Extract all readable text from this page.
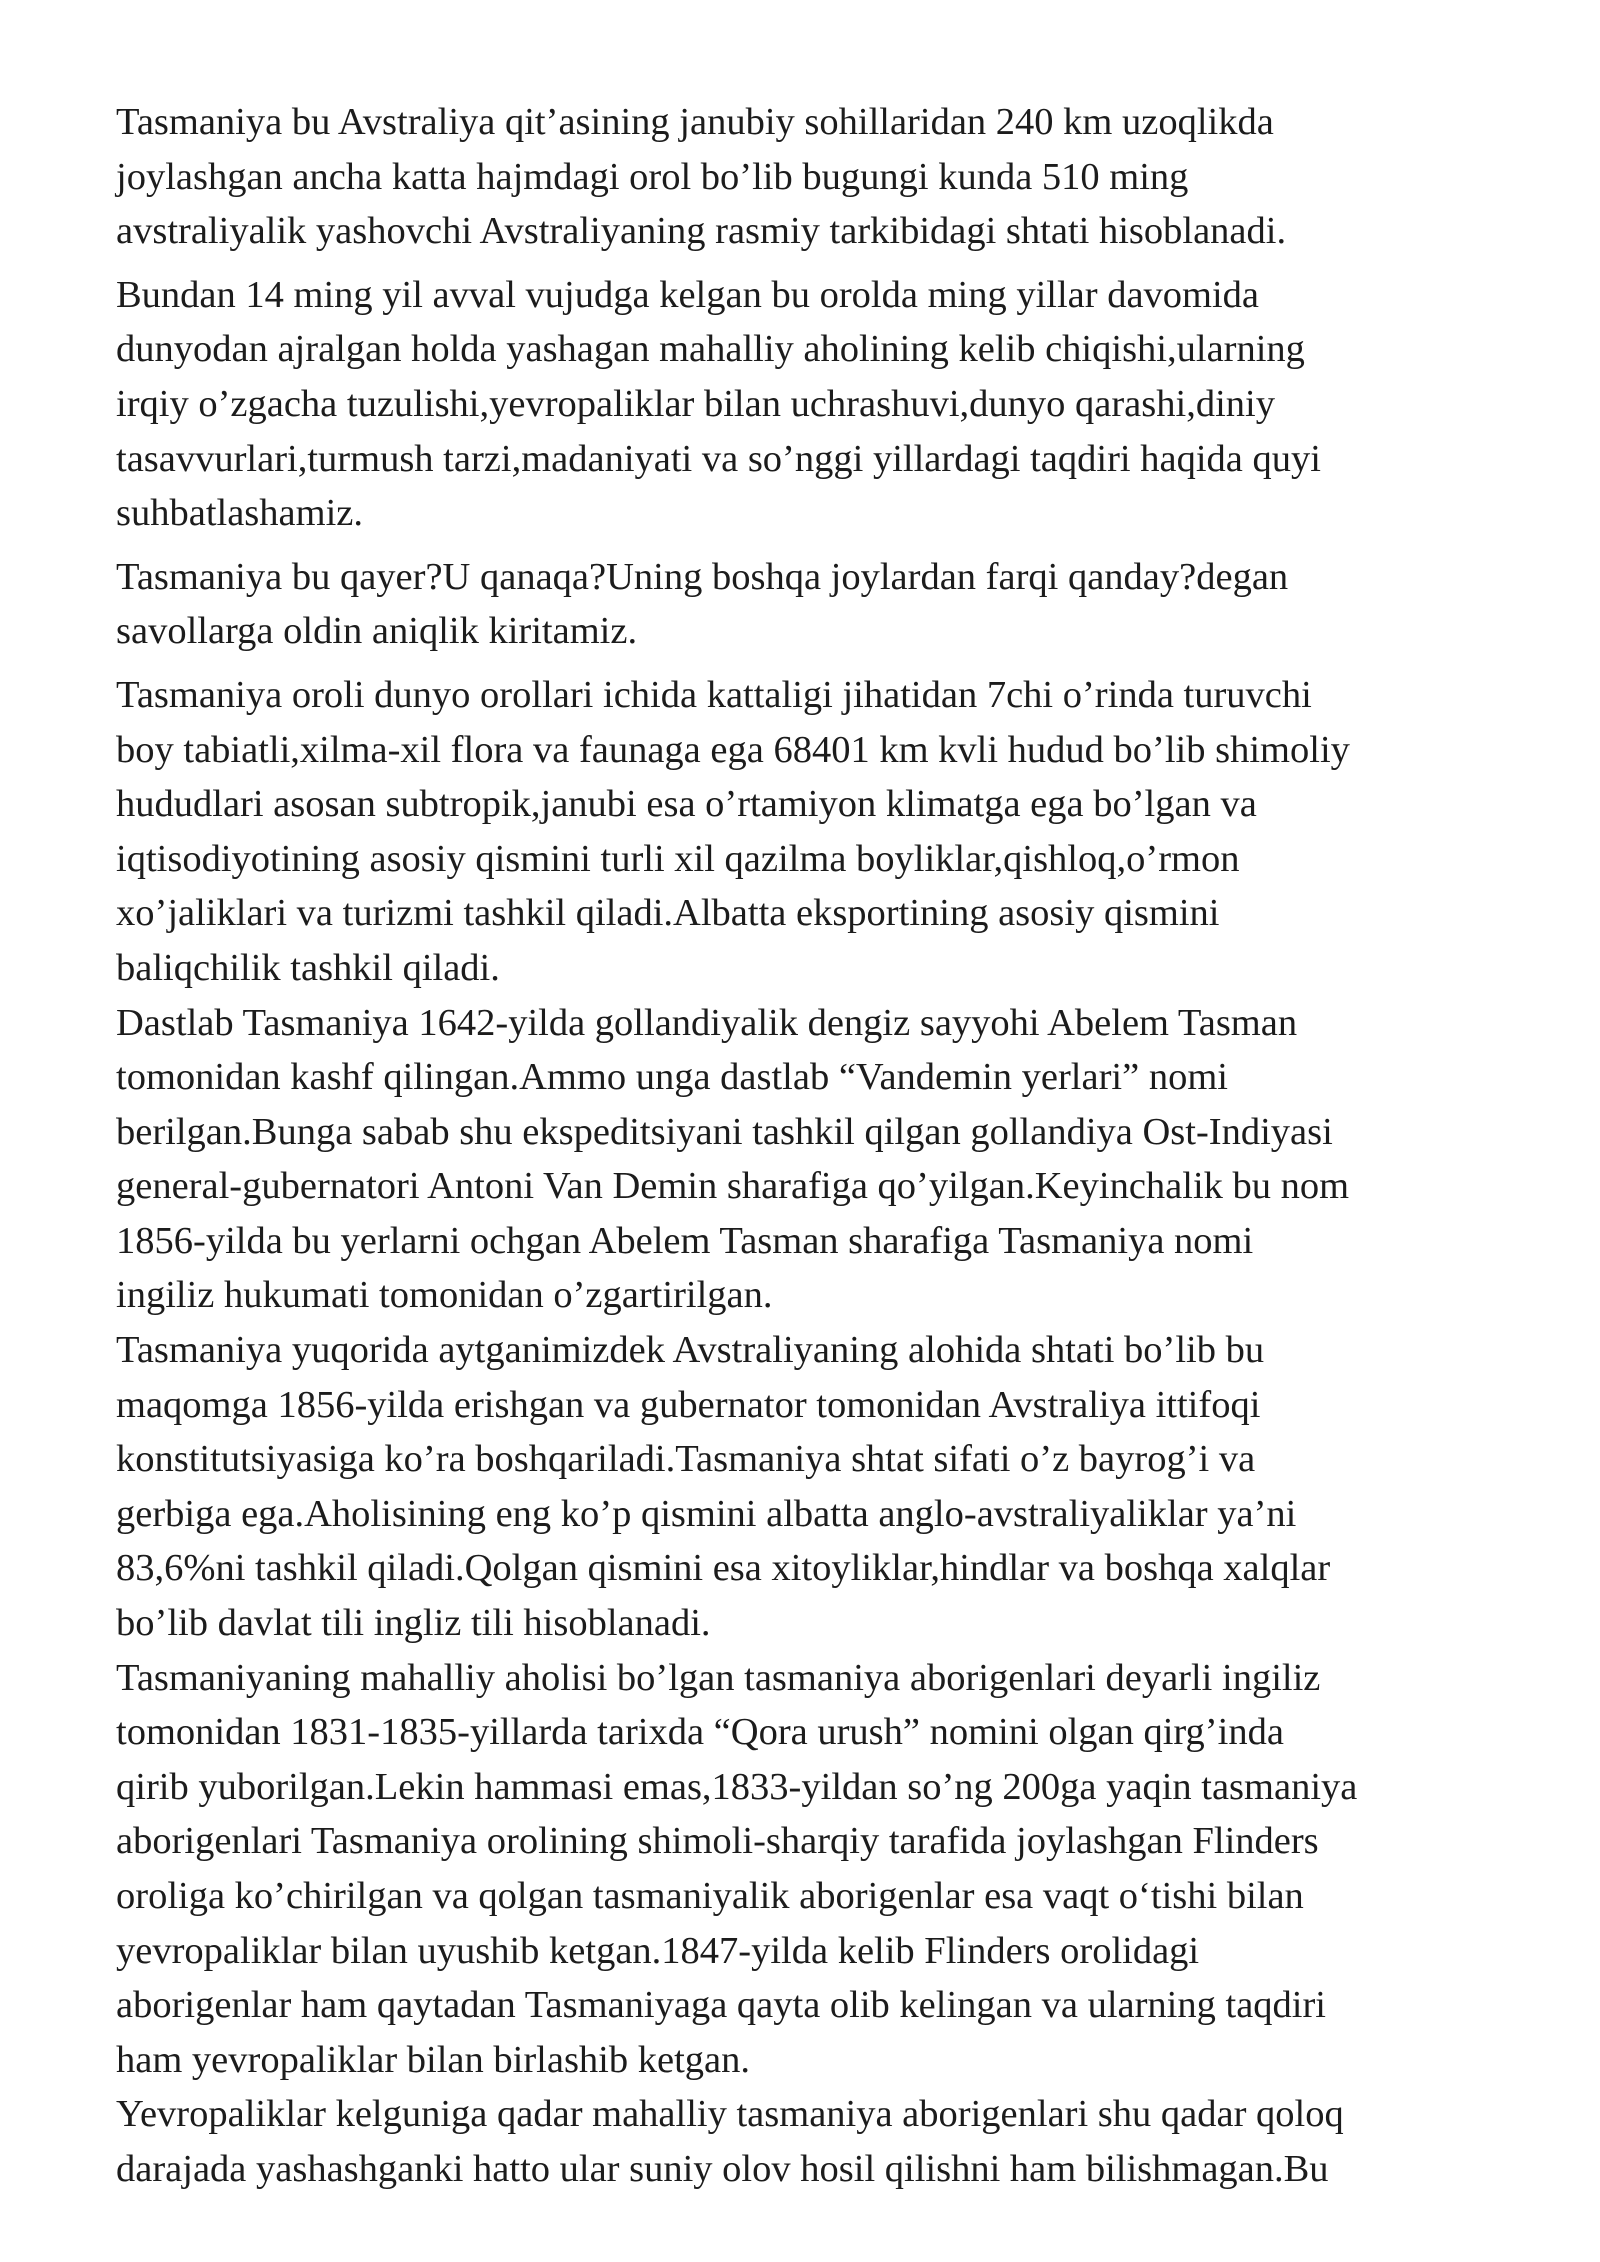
Tasmaniya bu Avstraliya qit’asining janubiy sohillaridan 240 km uzoqlikda
joylashgan ancha katta hajmdagi orol bo’lib bugungi kunda 510 ming
avstraliyalik yashovchi Avstraliyaning rasmiy tarkibidagi shtati hisoblanadi.

Bundan 14 ming yil avval vujudga kelgan bu orolda ming yillar davomida
dunyodan ajralgan holda yashagan mahalliy aholining kelib chiqishi,ularning
irqiy o’zgacha tuzulishi,yevropaliklar bilan uchrashuvi,dunyo qarashi,diniy
tasavvurlari,turmush tarzi,madaniyati va so’nggi yillardagi taqdiri haqida quyi
suhbatlashamiz.

Tasmaniya bu qayer?U qanaqa?Uning boshqa joylardan farqi qanday?degan
savollarga oldin aniqlik kiritamiz.

Tasmaniya oroli dunyo orollari ichida kattaligi jihatidan 7chi o’rinda turuvchi
boy tabiatli,xilma-xil flora va faunaga ega 68401 km kvli hudud bo’lib shimoliy
hududlari asosan subtropik,janubi esa o’rtamiyon klimatga ega bo’lgan va
iqtisodiyotining asosiy qismini turli xil qazilma boyliklar,qishloq,o’rmon
xo’jaliklari va turizmi tashkil qiladi.Albatta eksportining asosiy qismini
baliqchilik tashkil qiladi.

Dastlab Tasmaniya 1642-yilda gollandiyalik dengiz sayyohi Abelem Tasman
tomonidan kashf qilingan.Ammo unga dastlab “Vandemin yerlari” nomi
berilgan.Bunga sabab shu ekspeditsiyani tashkil qilgan gollandiya Ost-Indiyasi
general-gubernatori Antoni Van Demin sharafiga qo’yilgan.Keyinchalik bu nom
1856-yilda bu yerlarni ochgan Abelem Tasman sharafiga Tasmaniya nomi
ingiliz hukumati tomonidan o’zgartirilgan.

Tasmaniya yuqorida aytganimizdek Avstraliyaning alohida shtati bo’lib bu
maqomga 1856-yilda erishgan va gubernator tomonidan Avstraliya ittifoqi
konstitutsiyasiga ko’ra boshqariladi.Tasmaniya shtat sifati o’z bayrog’i va
gerbiga ega.Aholisining eng ko’p qismini albatta anglo-avstraliyaliklar ya’ni
83,6%ni tashkil qiladi.Qolgan qismini esa xitoyliklar,hindlar va boshqa xalqlar
bo’lib davlat tili ingliz tili hisoblanadi.

Tasmaniyaning mahalliy aholisi bo’lgan tasmaniya aborigenlari deyarli ingiliz
tomonidan 1831-1835-yillarda tarixda “Qora urush” nomini olgan qirg’inda
qirib yuborilgan.Lekin hammasi emas,1833-yildan so’ng 200ga yaqin tasmaniya
aborigenlari Tasmaniya orolining shimoli-sharqiy tarafida joylashgan Flinders
oroliga ko’chirilgan va qolgan tasmaniyalik aborigenlar esa vaqt o‘tishi bilan
yevropaliklar bilan uyushib ketgan.1847-yilda kelib Flinders orolidagi
aborigenlar ham qaytadan Tasmaniyaga qayta olib kelingan va ularning taqdiri
ham yevropaliklar bilan birlashib ketgan.

Yevropaliklar kelguniga qadar mahalliy tasmaniya aborigenlari shu qadar qoloq
darajada yashashganki hatto ular suniy olov hosil qilishni ham bilishmagan.Bu
